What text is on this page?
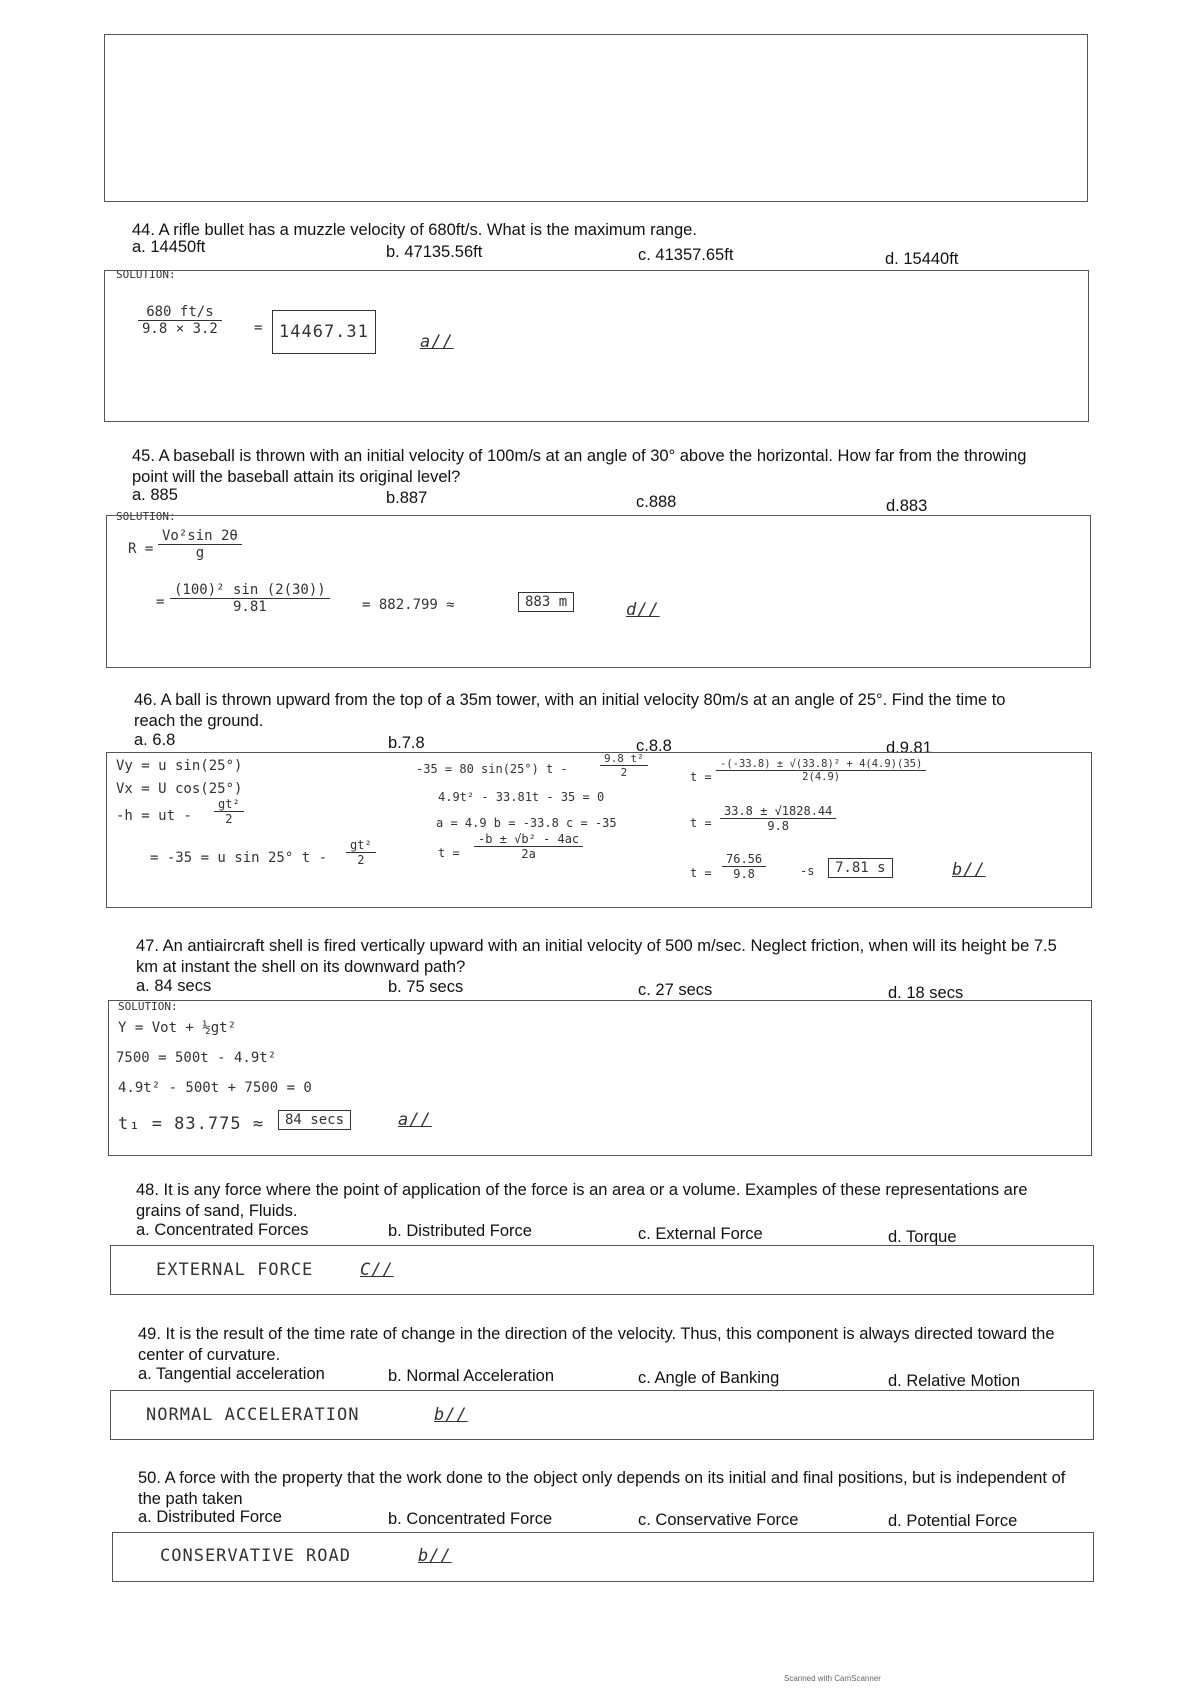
44. A rifle bullet has a muzzle velocity of 680ft/s. What is the maximum range.
a. 14450ft	b. 47135.56ft	c. 41357.65ft	d. 15440ft
SOLUTION:
$\frac{680 ft/s}{9.8 \times 3.2} = 14467.31$	a//
45. A baseball is thrown with an initial velocity of 100m/s at an angle of 30° above the horizontal. How far from the throwing point will the baseball attain its original level?
a. 885	b.887	c.888	d.883
SOLUTION:
$R = \frac{\text{Vo²sin 2θ}}{g}$
= $\frac{\text{(100)² sin (2(30))}}{9.81} = 882.799$ ≈	883 m	d//
46. A ball is thrown upward from the top of a 35m tower, with an initial velocity 80m/s at an angle of 25°. Find the time to reach the ground.
a. 6.8	b.7.8	c.8.8	d.9.81
Vy = u sin(25°)
Vx = U cos(25°)
-h = ut - $\frac{\text{gt²}}{2}$
= -35 = u sin 25° t - $\frac{\text{gt²}}{2}$
-35 = 80 sin(25°) t -	$\frac{\text{9.8 t²}}{2}$
4.9t² - 33.81t - 35 = 0
a = 4.9 b = -33.8 c = -35
$t = \frac{\text{-b ± √b² - 4ac}}{2a}$
$t = \frac{\text{-(-33.8) ± √(33.8)² + 4(4.9)(35)}}{2(4.9)}$
$t = \frac{33.8 \pm √1828.44}{9.8}$
$t = \frac{76.56}{9.8}$	-s	7.81 s	b//
47. An antiaircraft shell is fired vertically upward with an initial velocity of 500 m/sec. Neglect friction, when will its height be 7.5 km at instant the shell on its downward path?
a. 84 secs	b. 75 secs	c. 27 secs	d. 18 secs
SOLUTION:
Y = Vot + ½gt²
7500 = 500t - 4.9t²
4.9t² - 500t + 7500 = 0
t₁ = 83.775 ≈	84 secs	a//
48. It is any force where the point of application of the force is an area or a volume. Examples of these representations are grains of sand, Fluids.
a. Concentrated Forces	b. Distributed Force	c. External Force	d. Torque
EXTERNAL FORCE	C//
49. It is the result of the time rate of change in the direction of the velocity. Thus, this component is always directed toward the center of curvature.
a. Tangential acceleration	b. Normal Acceleration	c. Angle of Banking	d. Relative Motion
NORMAL ACCELERATION	b//
50. A force with the property that the work done to the object only depends on its initial and final positions, but is independent of the path taken
a. Distributed Force	b. Concentrated Force	c. Conservative Force	d. Potential Force
CONSERVATIVE ROAD	b//
Scanned with CamScanner
